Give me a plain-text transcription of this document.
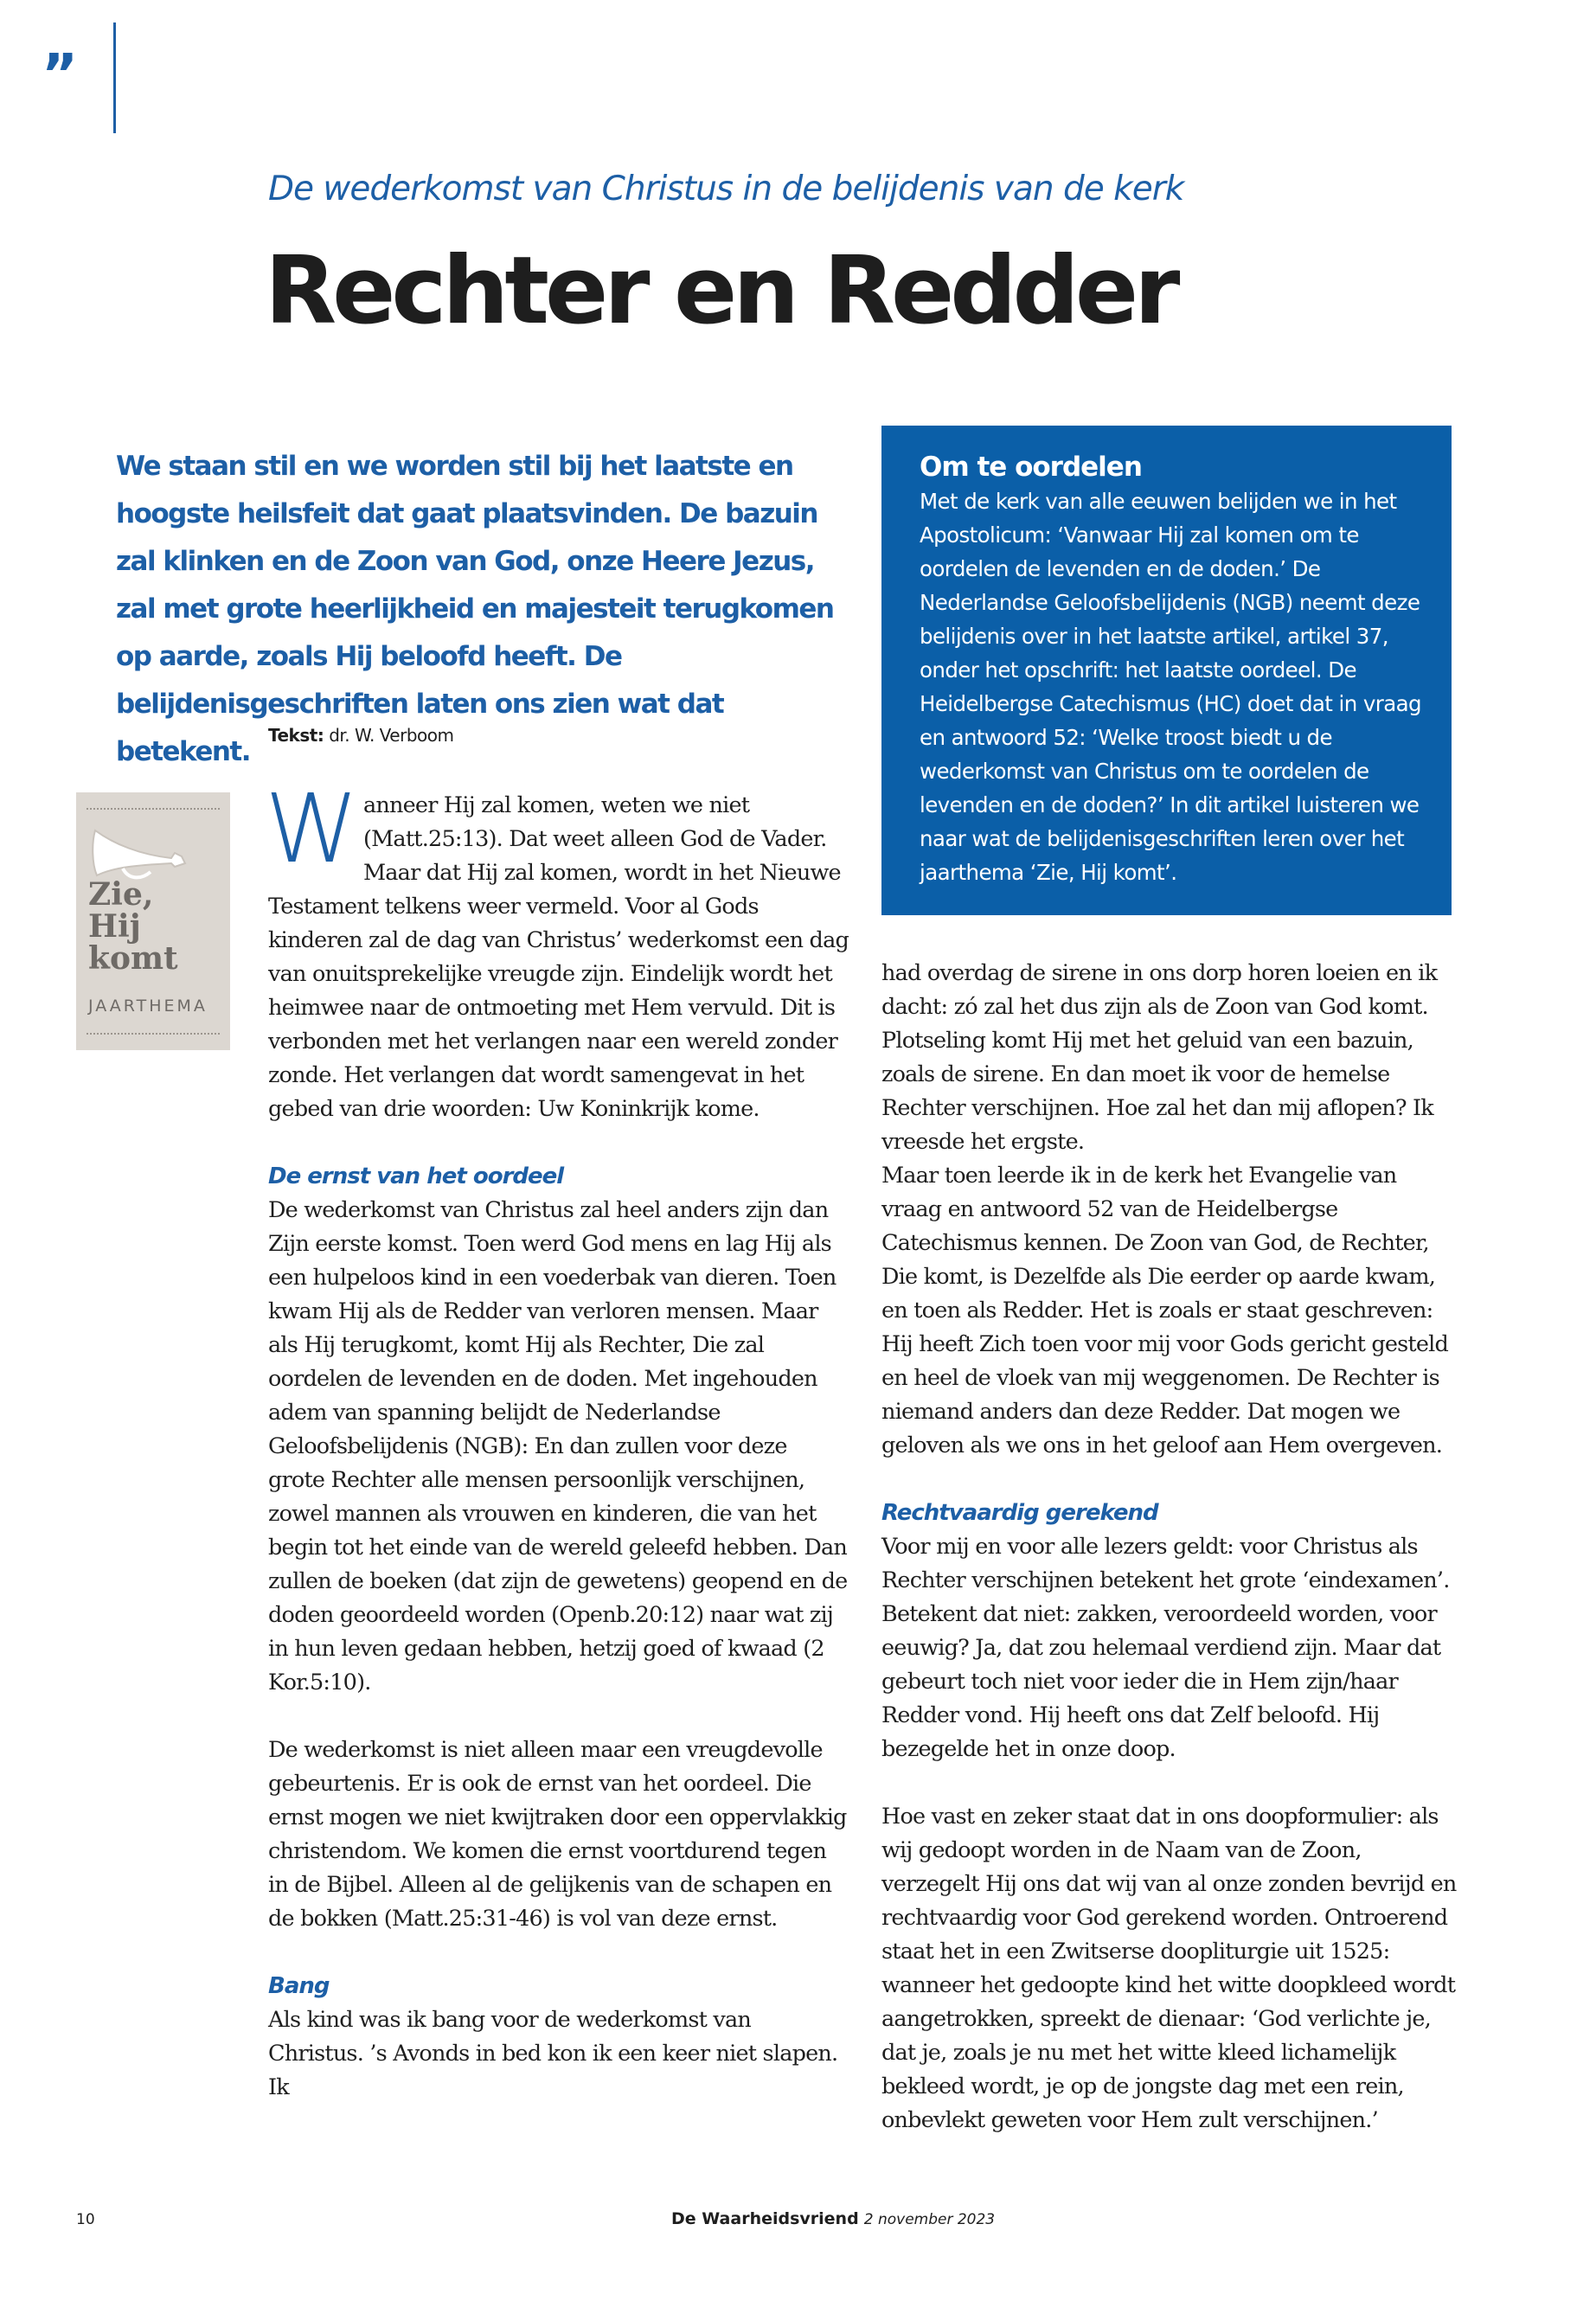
”
De wederkomst van Christus in de belijdenis van de kerk
Rechter en Redder
We staan stil en we worden stil bij het laatste en hoogste heilsfeit dat gaat plaatsvinden. De bazuin zal klinken en de Zoon van God, onze Heere Jezus, zal met grote heerlijkheid en majesteit terugkomen op aarde, zoals Hij beloofd heeft. De belijdenisgeschriften laten ons zien wat dat betekent.
Tekst: dr. W. Verboom
Zie,
Hij
komt
JAARTHEMA
Om te oordelen

Met de kerk van alle eeuwen belijden we in het Apostolicum: ‘Vanwaar Hij zal komen om te oordelen de levenden en de doden.’ De Nederlandse Geloofsbelijdenis (NGB) neemt deze belijdenis over in het laatste artikel, artikel 37, onder het opschrift: het laatste oordeel. De Heidelbergse Catechismus (HC) doet dat in vraag en antwoord 52: ‘Welke troost biedt u de wederkomst van Christus om te oordelen de levenden en de doden?’ In dit artikel luisteren we naar wat de belijdenisgeschriften leren over het jaarthema ‘Zie, Hij komt’.

Wanneer Hij zal komen, weten we niet (Matt.25:13). Dat weet alleen God de Vader. Maar dat Hij zal komen, wordt in het Nieuwe Testament telkens weer vermeld. Voor al Gods kinderen zal de dag van Christus’ wederkomst een dag van onuitsprekelijke vreugde zijn. Eindelijk wordt het heimwee naar de ontmoeting met Hem vervuld. Dit is verbonden met het verlangen naar een wereld zonder zonde. Het verlangen dat wordt samengevat in het gebed van drie woorden: Uw Koninkrijk kome.

De ernst van het oordeel

De wederkomst van Christus zal heel anders zijn dan Zijn eerste komst. Toen werd God mens en lag Hij als een hulpeloos kind in een voederbak van dieren. Toen kwam Hij als de Redder van verloren mensen. Maar als Hij terugkomt, komt Hij als Rechter, Die zal oordelen de levenden en de doden. Met ingehouden adem van spanning belijdt de Nederlandse Geloofsbelijdenis (NGB): En dan zullen voor deze grote Rechter alle mensen persoonlijk verschijnen, zowel mannen als vrouwen en kinderen, die van het begin tot het einde van de wereld geleefd hebben. Dan zullen de boeken (dat zijn de gewetens) geopend en de doden geoordeeld worden (Openb.20:12) naar wat zij in hun leven gedaan hebben, hetzij goed of kwaad (2 Kor.5:10).

De wederkomst is niet alleen maar een vreugdevolle gebeurtenis. Er is ook de ernst van het oordeel. Die ernst mogen we niet kwijtraken door een oppervlakkig christendom. We komen die ernst voortdurend tegen in de Bijbel. Alleen al de gelijkenis van de schapen en de bokken (Matt.25:31-46) is vol van deze ernst.

Bang

Als kind was ik bang voor de wederkomst van Christus. ’s Avonds in bed kon ik een keer niet slapen. Ik

had overdag de sirene in ons dorp horen loeien en ik dacht: zó zal het dus zijn als de Zoon van God komt. Plotseling komt Hij met het geluid van een bazuin, zoals de sirene. En dan moet ik voor de hemelse Rechter verschijnen. Hoe zal het dan mij aflopen? Ik vreesde het ergste.

Maar toen leerde ik in de kerk het Evangelie van vraag en antwoord 52 van de Heidelbergse Catechismus kennen. De Zoon van God, de Rechter, Die komt, is Dezelfde als Die eerder op aarde kwam, en toen als Redder. Het is zoals er staat geschreven: Hij heeft Zich toen voor mij voor Gods gericht gesteld en heel de vloek van mij weggenomen. De Rechter is niemand anders dan deze Redder. Dat mogen we geloven als we ons in het geloof aan Hem overgeven.

Rechtvaardig gerekend

Voor mij en voor alle lezers geldt: voor Christus als Rechter verschijnen betekent het grote ‘eindexamen’. Betekent dat niet: zakken, veroordeeld worden, voor eeuwig? Ja, dat zou helemaal verdiend zijn. Maar dat gebeurt toch niet voor ieder die in Hem zijn/haar Redder vond. Hij heeft ons dat Zelf beloofd. Hij bezegelde het in onze doop.

Hoe vast en zeker staat dat in ons doopformulier: als wij gedoopt worden in de Naam van de Zoon, verzegelt Hij ons dat wij van al onze zonden bevrijd en rechtvaardig voor God gerekend worden. Ontroerend staat het in een Zwitserse doopliturgie uit 1525: wanneer het gedoopte kind het witte doopkleed wordt aangetrokken, spreekt de dienaar: ‘God verlichte je, dat je, zoals je nu met het witte kleed lichamelijk bekleed wordt, je op de jongste dag met een rein, onbevlekt geweten voor Hem zult verschijnen.’

10	De Waarheidsvriend 2 november 2023
